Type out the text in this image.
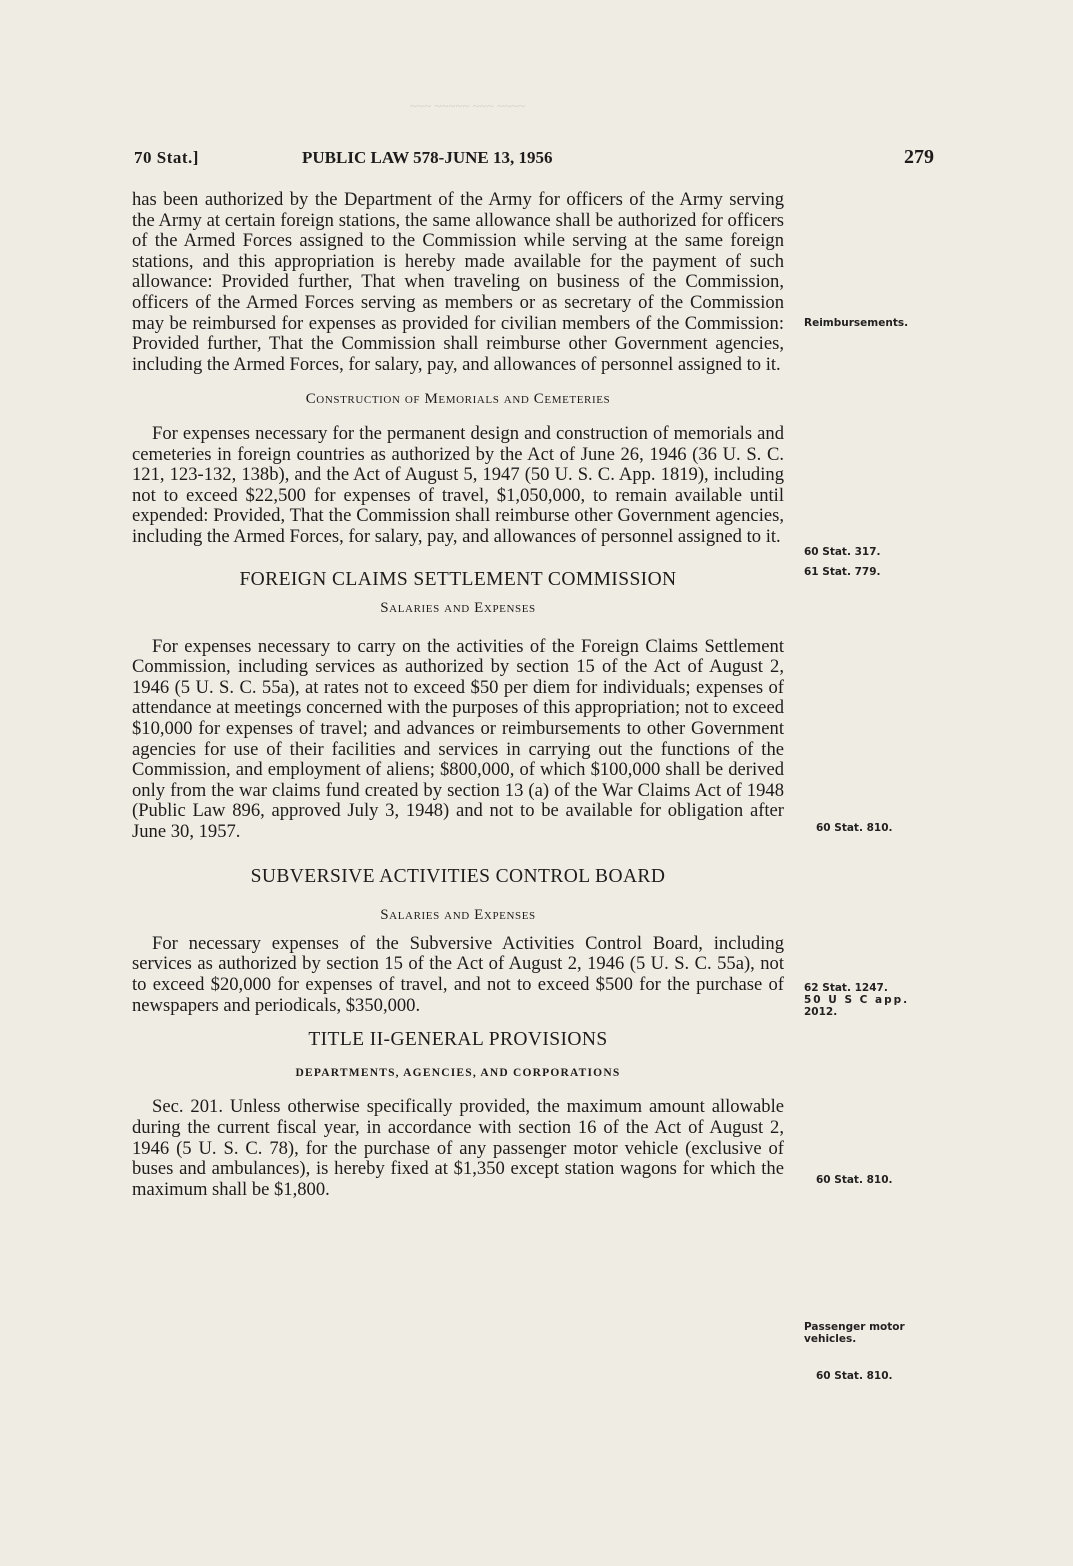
~~~ ~~~~~ ~~~ ~~~~
70 Stat.]	PUBLIC LAW 578-JUNE 13, 1956	279

has been authorized by the Department of the Army for officers of the Army serving the Army at certain foreign stations, the same allowance shall be authorized for officers of the Armed Forces assigned to the Commission while serving at the same foreign stations, and this appropriation is hereby made available for the payment of such allowance: Provided further, That when traveling on business of the Commission, officers of the Armed Forces serving as members or as secretary of the Commission may be reimbursed for expenses as provided for civilian members of the Commission: Provided further, That the Commission shall reimburse other Government agencies, including the Armed Forces, for salary, pay, and allowances of personnel assigned to it.

Construction of Memorials and Cemeteries

For expenses necessary for the permanent design and construction of memorials and cemeteries in foreign countries as authorized by the Act of June 26, 1946 (36 U. S. C. 121, 123-132, 138b), and the Act of August 5, 1947 (50 U. S. C. App. 1819), including not to exceed $22,500 for expenses of travel, $1,050,000, to remain available until expended: Provided, That the Commission shall reimburse other Government agencies, including the Armed Forces, for salary, pay, and allowances of personnel assigned to it.

FOREIGN CLAIMS SETTLEMENT COMMISSION
Salaries and Expenses

For expenses necessary to carry on the activities of the Foreign Claims Settlement Commission, including services as authorized by section 15 of the Act of August 2, 1946 (5 U. S. C. 55a), at rates not to exceed $50 per diem for individuals; expenses of attendance at meetings concerned with the purposes of this appropriation; not to exceed $10,000 for expenses of travel; and advances or reimbursements to other Government agencies for use of their facilities and services in carrying out the functions of the Commission, and employment of aliens; $800,000, of which $100,000 shall be derived only from the war claims fund created by section 13 (a) of the War Claims Act of 1948 (Public Law 896, approved July 3, 1948) and not to be available for obligation after June 30, 1957.

SUBVERSIVE ACTIVITIES CONTROL BOARD
Salaries and Expenses

For necessary expenses of the Subversive Activities Control Board, including services as authorized by section 15 of the Act of August 2, 1946 (5 U. S. C. 55a), not to exceed $20,000 for expenses of travel, and not to exceed $500 for the purchase of newspapers and periodicals, $350,000.

TITLE II-GENERAL PROVISIONS
DEPARTMENTS, AGENCIES, AND CORPORATIONS

Sec. 201. Unless otherwise specifically provided, the maximum amount allowable during the current fiscal year, in accordance with section 16 of the Act of August 2, 1946 (5 U. S. C. 78), for the purchase of any passenger motor vehicle (exclusive of buses and ambulances), is hereby fixed at $1,350 except station wagons for which the maximum shall be $1,800.

Reimbursements.
60 Stat. 317.
61 Stat. 779.
60 Stat. 810.
62 Stat. 1247.
50 U S C app.
2012.
60 Stat. 810.
Passenger motor vehicles.
60 Stat. 810.
